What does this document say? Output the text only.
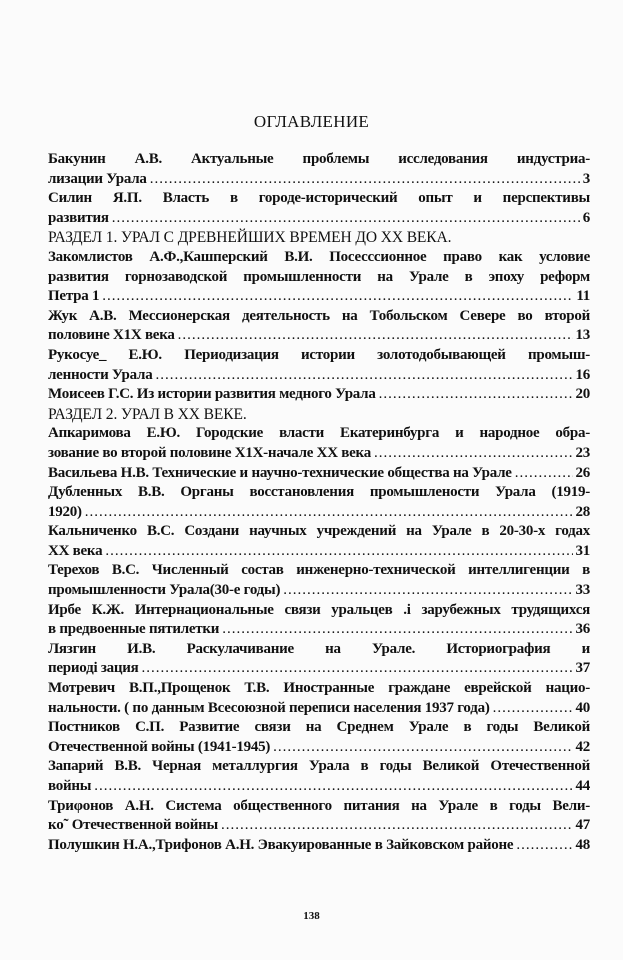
ОГЛАВЛЕНИЕ
Бакунин А.В. Актуальные проблемы исследования индустриа-
лизации Урала .....	3
Силин Я.П. Власть в городе-исторический опыт и перспективы
развития .....	6
РАЗДЕЛ 1. УРАЛ С ДРЕВНЕЙШИХ ВРЕМЕН ДО ХХ ВЕКА.
Закомлистов А.Ф.,Кашперский В.И. Посесссионное право как условие
развития горнозаводской промышленности на Урале в эпоху реформ
Петра 1 .....	11
Жук А.В. Мессионерская деятельность на Тобольском Севере во второй
половине Х1Х века .....	13
Рукосуе_ Е.Ю. Периодизация истории золотодобывающей промыш-
ленности Урала .....	16
Моисеев Г.С. Из истории развития медного Урала .....	20
РАЗДЕЛ 2. УРАЛ В ХХ ВЕКЕ.
Апкаримова Е.Ю. Городские власти Екатеринбурга и народное обра-
зование во второй половине Х1Х-начале ХХ века .....	23
Васильева Н.В. Технические и научно-технические общества на Урале .....	26
Дубленных В.В. Органы восстановления промышлености Урала (1919-
1920) .....	28
Кальниченко В.С. Создани научных учреждений на Урале в 20-30-х годах
ХХ века .....	31
Терехов В.С. Численный состав инженерно-технической интеллигенции в
промышленности Урала(30-е годы) .....	33
Ирбе К.Ж. Интернациональные связи уральцев .і зарубежных трудящихся
в предвоенные пятилетки .....	36
Лязгин И.В. Раскулачивание на Урале. Историография и
периоді зация .....	37
Мотревич В.П.,Прощенок Т.В. Иностранные граждане еврейской нацио-
нальности. ( по данным Всесоюзной переписи населения 1937 года) .....	40
Постников С.П. Развитие связи на Среднем Урале в годы Великой
Отечественной войны (1941-1945) .....	42
Запарий В.В. Черная металлургия Урала в годы Великой Отечественной
войны .....	44
Триφонов А.Н. Система общественного питания на Урале в годы Вели-
ко˜ Отечественной войны .....	47
Полушкин Н.А.,Трифонов А.Н. Эвакуированные в Зайковском районе .....	48
138
